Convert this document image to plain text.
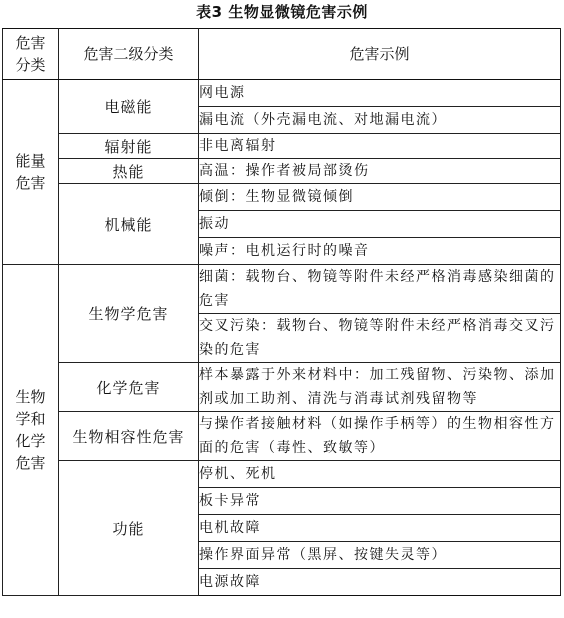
表3 生物显微镜危害示例
危害
分类	危害二级分类	危害示例
能量
危害	电磁能	网电源
		漏电流（外壳漏电流、对地漏电流）
	辐射能	非电离辐射
	热能	高温：操作者被局部烫伤
	机械能	倾倒：生物显微镜倾倒
		振动
		噪声：电机运行时的噪音
生物
学和
化学
危害	生物学危害	细菌：载物台、物镜等附件未经严格消毒感染细菌的危害
		交叉污染：载物台、物镜等附件未经严格消毒交叉污染的危害
	化学危害	样本暴露于外来材料中：加工残留物、污染物、添加剂或加工助剂、清洗与消毒试剂残留物等
	生物相容性危害	与操作者接触材料（如操作手柄等）的生物相容性方面的危害（毒性、致敏等）
	功能	停机、死机
		板卡异常
		电机故障
		操作界面异常（黑屏、按键失灵等）
		电源故障
